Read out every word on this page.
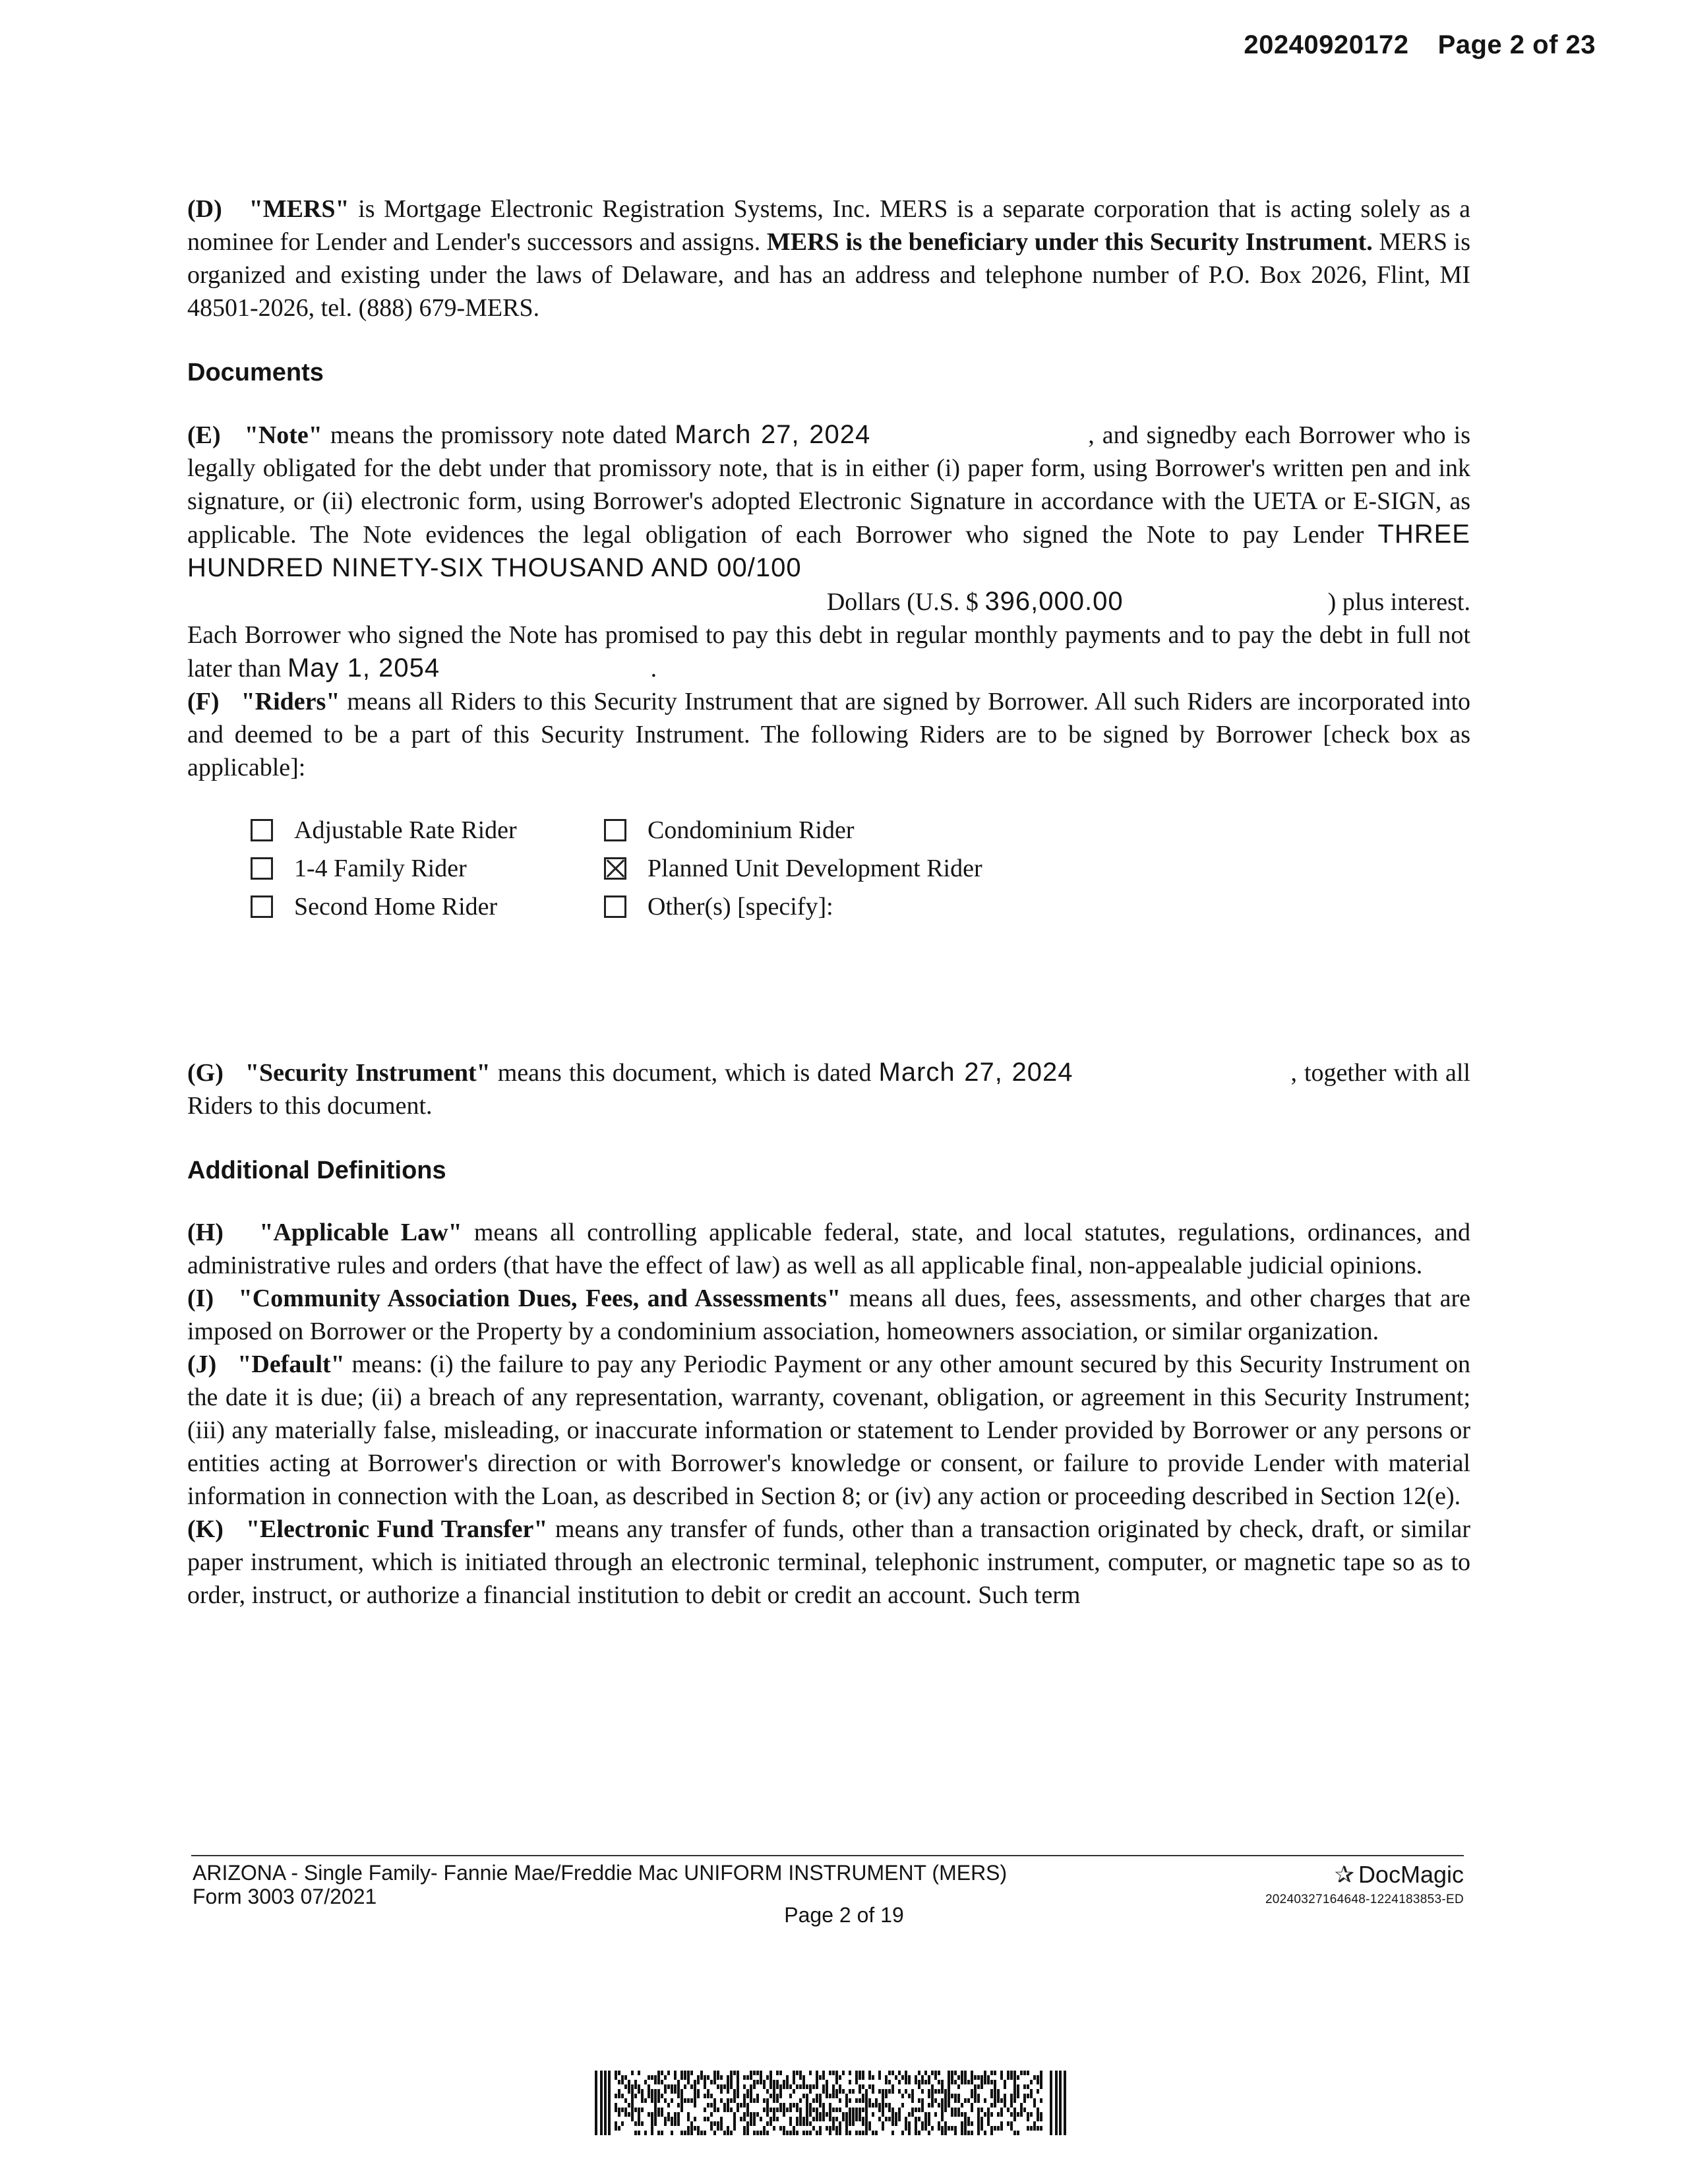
20240920172 Page 2 of 23

(D) "MERS" is Mortgage Electronic Registration Systems, Inc. MERS is a separate corporation that is acting solely as a nominee for Lender and Lender's successors and assigns. MERS is the beneficiary under this Security Instrument. MERS is organized and existing under the laws of Delaware, and has an address and telephone number of P.O. Box 2026, Flint, MI 48501-2026, tel. (888) 679-MERS.

Documents

(E) "Note" means the promissory note dated March 27, 2024	, and signedby each Borrower who is legally obligated for the debt under that promissory note, that is in either (i) paper form, using Borrower's written pen and ink signature, or (ii) electronic form, using Borrower's adopted Electronic Signature in accordance with the UETA or E-SIGN, as applicable. The Note evidences the legal obligation of each Borrower who signed the Note to pay Lender THREE HUNDRED NINETY-SIX THOUSAND AND 00/100

Dollars (U.S. $ 396,000.00	) plus interest.

Each Borrower who signed the Note has promised to pay this debt in regular monthly payments and to pay the debt in full not later than May 1, 2054	.

(F) "Riders" means all Riders to this Security Instrument that are signed by Borrower. All such Riders are incorporated into and deemed to be a part of this Security Instrument. The following Riders are to be signed by Borrower [check box as applicable]:

Adjustable Rate Rider	Condominium Rider
1-4 Family Rider	Planned Unit Development Rider
Second Home Rider	Other(s) [specify]:

(G) "Security Instrument" means this document, which is dated March 27, 2024	, together with all Riders to this document.

Additional Definitions

(H) "Applicable Law" means all controlling applicable federal, state, and local statutes, regulations, ordinances, and administrative rules and orders (that have the effect of law) as well as all applicable final, non-appealable judicial opinions.

(I) "Community Association Dues, Fees, and Assessments" means all dues, fees, assessments, and other charges that are imposed on Borrower or the Property by a condominium association, homeowners association, or similar organization.

(J) "Default" means: (i) the failure to pay any Periodic Payment or any other amount secured by this Security Instrument on the date it is due; (ii) a breach of any representation, warranty, covenant, obligation, or agreement in this Security Instrument; (iii) any materially false, misleading, or inaccurate information or statement to Lender provided by Borrower or any persons or entities acting at Borrower's direction or with Borrower's knowledge or consent, or failure to provide Lender with material information in connection with the Loan, as described in Section 8; or (iv) any action or proceeding described in Section 12(e).

(K) "Electronic Fund Transfer" means any transfer of funds, other than a transaction originated by check, draft, or similar paper instrument, which is initiated through an electronic terminal, telephonic instrument, computer, or magnetic tape so as to order, instruct, or authorize a financial institution to debit or credit an account. Such term

ARIZONA - Single Family- Fannie Mae/Freddie Mac UNIFORM INSTRUMENT (MERS)
Form 3003 07/2021
Page 2 of 19
✰ DocMagic
20240327164648-1224183853-ED
